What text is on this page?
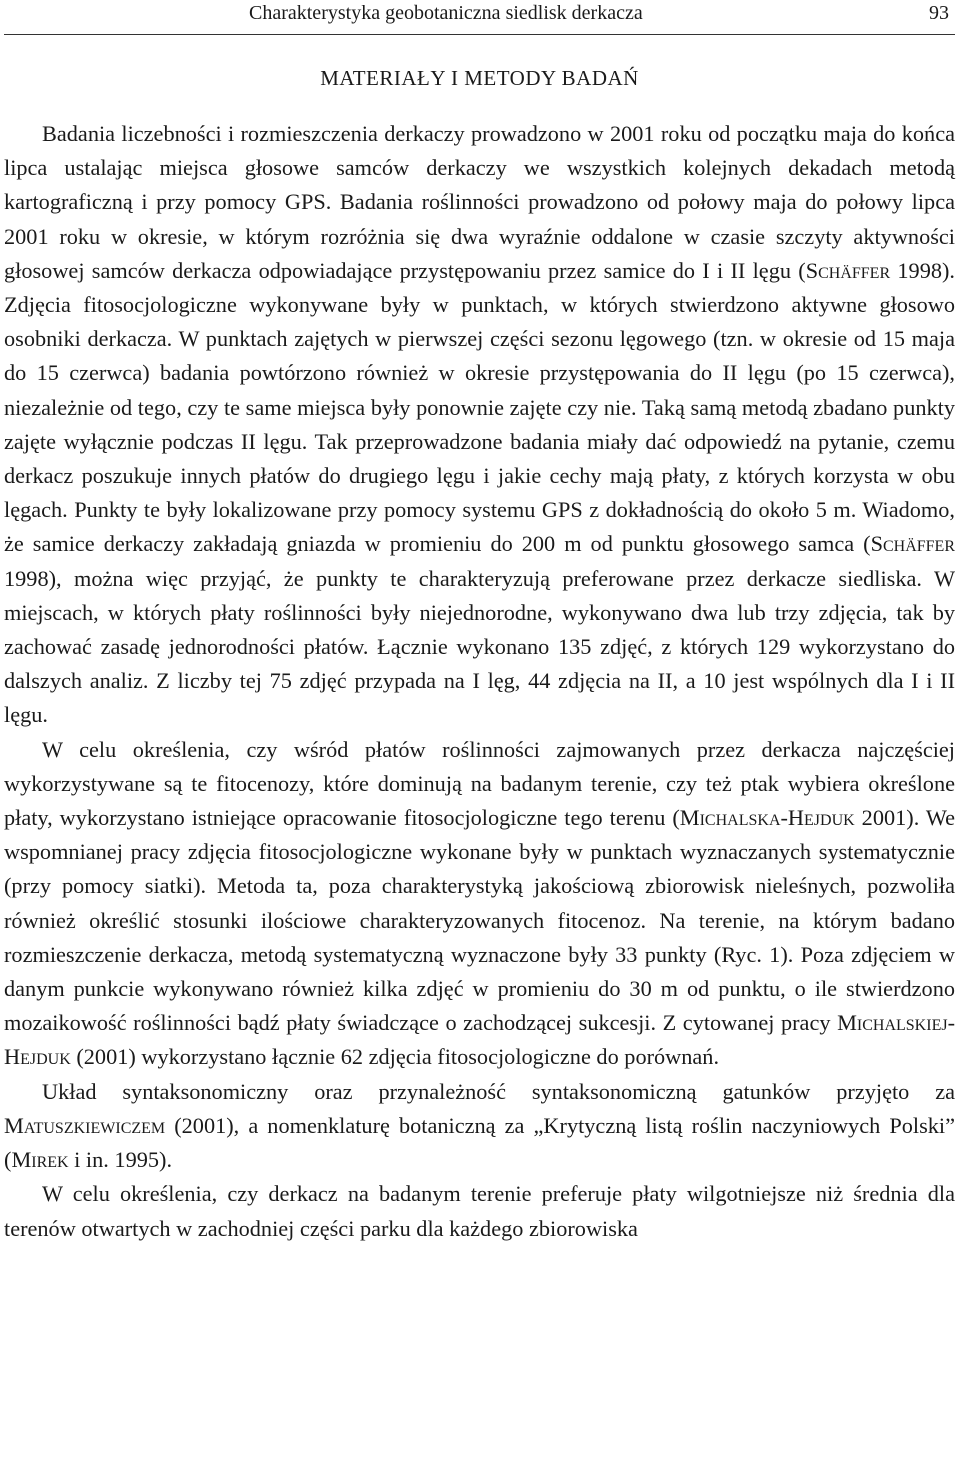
Charakterystyka geobotaniczna siedlisk derkacza	93
MATERIAŁY I METODY BADAŃ

Badania liczebności i rozmieszczenia derkaczy prowadzono w 2001 roku od początku maja do końca lipca ustalając miejsca głosowe samców derkaczy we wszystkich kolejnych dekadach metodą kartograficzną i przy pomocy GPS. Badania roślinności prowadzono od połowy maja do połowy lipca 2001 roku w okresie, w którym rozróżnia się dwa wyraźnie oddalone w czasie szczyty aktywności głosowej samców derkacza odpowiadające przystępowaniu przez samice do I i II lęgu (Schäffer 1998). Zdjęcia fitosocjologiczne wykonywane były w punktach, w których stwierdzono aktywne głosowo osobniki derkacza. W punktach zajętych w pierwszej części sezonu lęgowego (tzn. w okresie od 15 maja do 15 czerwca) badania powtórzono również w okresie przystępowania do II lęgu (po 15 czerwca), niezależnie od tego, czy te same miejsca były ponownie zajęte czy nie. Taką samą metodą zbadano punkty zajęte wyłącznie podczas II lęgu. Tak przeprowadzone badania miały dać odpowiedź na pytanie, czemu derkacz poszukuje innych płatów do drugiego lęgu i jakie cechy mają płaty, z których korzysta w obu lęgach. Punkty te były lokalizowane przy pomocy systemu GPS z dokładnością do około 5 m. Wiadomo, że samice derkaczy zakładają gniazda w promieniu do 200 m od punktu głosowego samca (Schäffer 1998), można więc przyjąć, że punkty te charakteryzują preferowane przez derkacze siedliska. W miejscach, w których płaty roślinności były niejednorodne, wykonywano dwa lub trzy zdjęcia, tak by zachować zasadę jednorodności płatów. Łącznie wykonano 135 zdjęć, z których 129 wykorzystano do dalszych analiz. Z liczby tej 75 zdjęć przypada na I lęg, 44 zdjęcia na II, a 10 jest wspólnych dla I i II lęgu.

W celu określenia, czy wśród płatów roślinności zajmowanych przez derkacza najczęściej wykorzystywane są te fitocenozy, które dominują na badanym terenie, czy też ptak wybiera określone płaty, wykorzystano istniejące opracowanie fitosocjologiczne tego terenu (Michalska-Hejduk 2001). We wspomnianej pracy zdjęcia fitosocjologiczne wykonane były w punktach wyznaczanych systematycznie (przy pomocy siatki). Metoda ta, poza charakterystyką jakościową zbiorowisk nieleśnych, pozwoliła również określić stosunki ilościowe charakteryzowanych fitocenoz. Na terenie, na którym badano rozmieszczenie derkacza, metodą systematyczną wyznaczone były 33 punkty (Ryc. 1). Poza zdjęciem w danym punkcie wykonywano również kilka zdjęć w promieniu do 30 m od punktu, o ile stwierdzono mozaikowość roślinności bądź płaty świadczące o zachodzącej sukcesji. Z cytowanej pracy Michalskiej-Hejduk (2001) wykorzystano łącznie 62 zdjęcia fitosocjologiczne do porównań.

Układ syntaksonomiczny oraz przynależność syntaksonomiczną gatunków przyjęto za Matuszkiewiczem (2001), a nomenklaturę botaniczną za „Krytyczną listą roślin naczyniowych Polski” (Mirek i in. 1995).

W celu określenia, czy derkacz na badanym terenie preferuje płaty wilgotniejsze niż średnia dla terenów otwartych w zachodniej części parku dla każdego zbiorowiska
